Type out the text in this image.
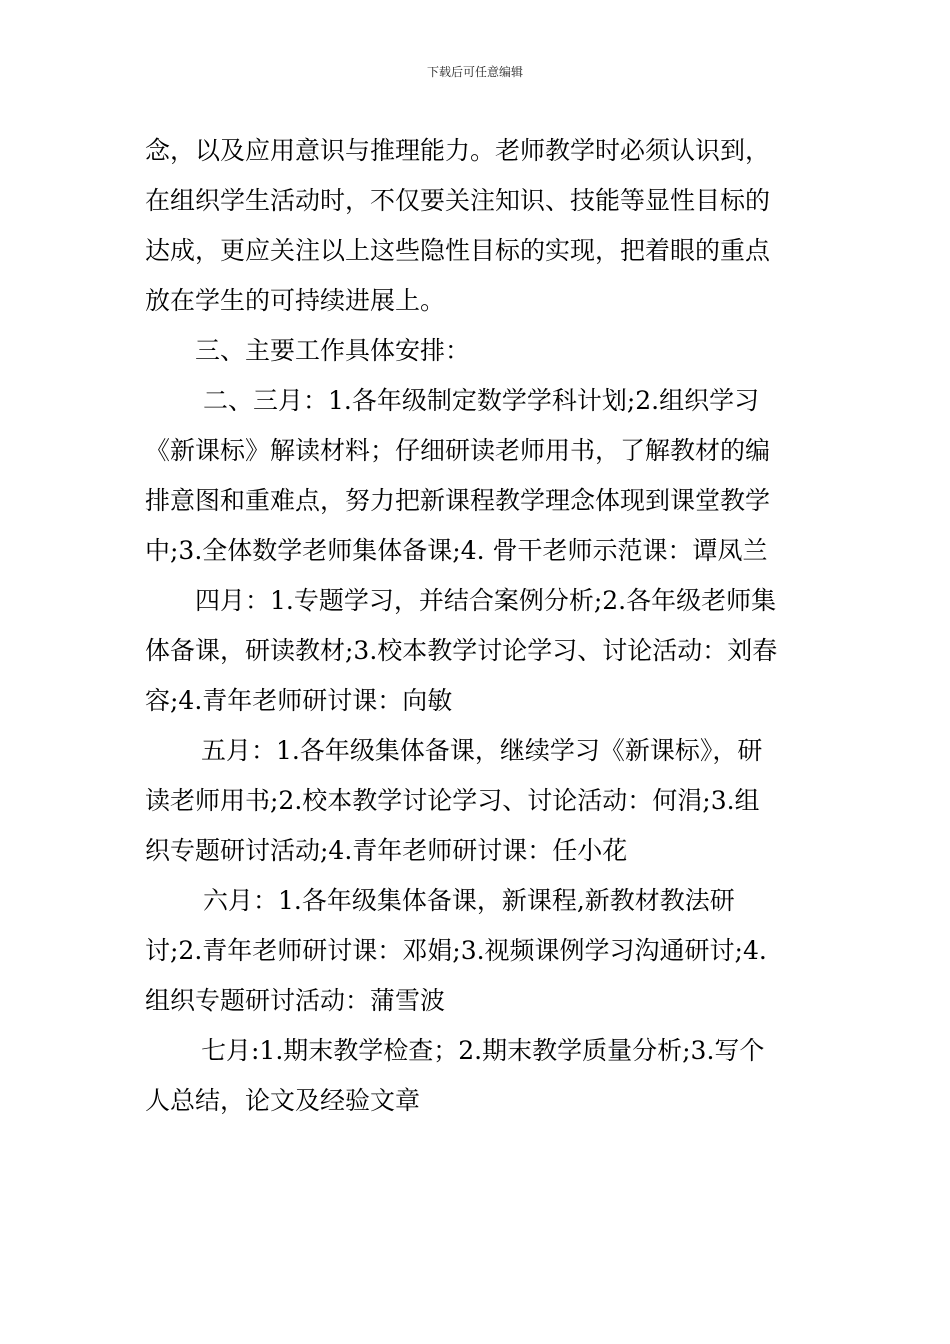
下载后可任意编辑
念，以及应用意识与推理能力。老师教学时必须认识到，
在组织学生活动时，不仅要关注知识、技能等显性目标的
达成，更应关注以上这些隐性目标的实现，把着眼的重点
放在学生的可持续进展上。
三、主要工作具体安排：
二、三月：1.各年级制定数学学科计划;2.组织学习
《新课标》解读材料；仔细研读老师用书，了解教材的编
排意图和重难点，努力把新课程教学理念体现到课堂教学
中;3.全体数学老师集体备课;4. 骨干老师示范课：谭凤兰
四月：1.专题学习，并结合案例分析;2.各年级老师集
体备课，研读教材;3.校本教学讨论学习、讨论活动：刘春
容;4.青年老师研讨课：向敏
五月：1.各年级集体备课，继续学习《新课标》，研
读老师用书;2.校本教学讨论学习、讨论活动：何涓;3.组
织专题研讨活动;4.青年老师研讨课：任小花
六月：1.各年级集体备课，新课程,新教材教法研
讨;2.青年老师研讨课：邓娟;3.视频课例学习沟通研讨;4.
组织专题研讨活动：蒲雪波
七月:1.期末教学检查；2.期末教学质量分析;3.写个
人总结，论文及经验文章
